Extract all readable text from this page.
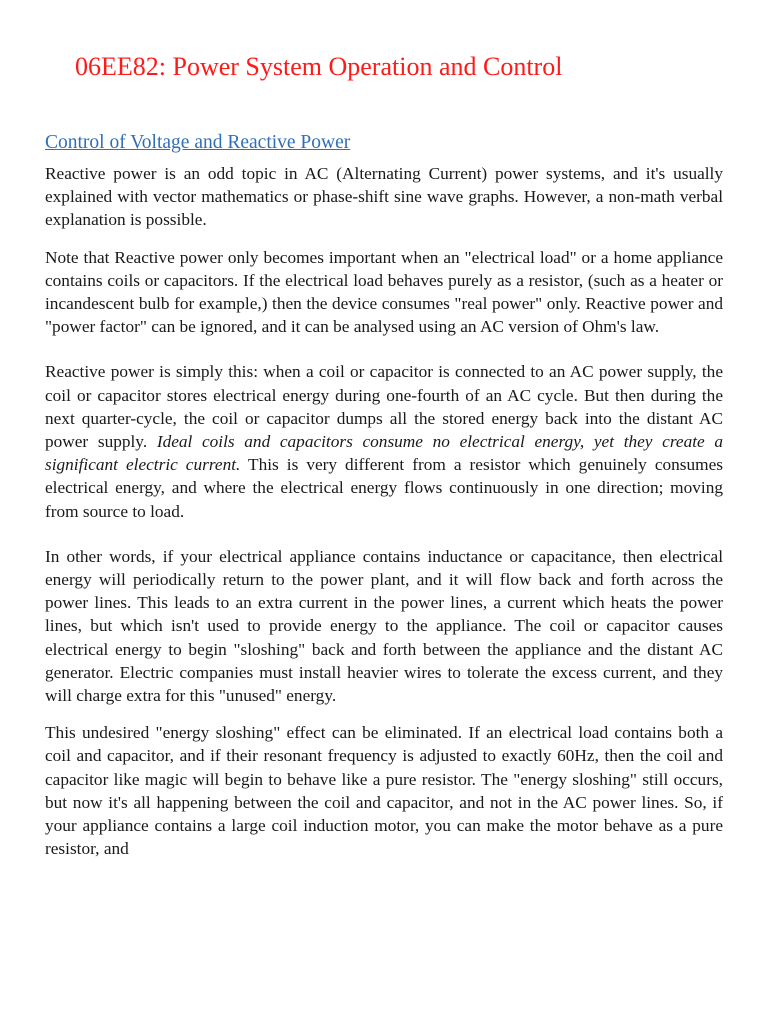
06EE82: Power System Operation and Control
Control of Voltage and Reactive Power

Reactive power is an odd topic in AC (Alternating Current) power systems, and it's usually explained with vector mathematics or phase-shift sine wave graphs. However, a non-math verbal explanation is possible.

Note that Reactive power only becomes important when an "electrical load" or a home appliance contains coils or capacitors. If the electrical load behaves purely as a resistor, (such as a heater or incandescent bulb for example,) then the device consumes "real power" only. Reactive power and "power factor" can be ignored, and it can be analysed using an AC version of Ohm's law.

Reactive power is simply this: when a coil or capacitor is connected to an AC power supply, the coil or capacitor stores electrical energy during one-fourth of an AC cycle. But then during the next quarter-cycle, the coil or capacitor dumps all the stored energy back into the distant AC power supply. Ideal coils and capacitors consume no electrical energy, yet they create a significant electric current. This is very different from a resistor which genuinely consumes electrical energy, and where the electrical energy flows continuously in one direction; moving from source to load.

In other words, if your electrical appliance contains inductance or capacitance, then electrical energy will periodically return to the power plant, and it will flow back and forth across the power lines. This leads to an extra current in the power lines, a current which heats the power lines, but which isn't used to provide energy to the appliance. The coil or capacitor causes electrical energy to begin "sloshing" back and forth between the appliance and the distant AC generator. Electric companies must install heavier wires to tolerate the excess current, and they will charge extra for this "unused" energy.

This undesired "energy sloshing" effect can be eliminated. If an electrical load contains both a coil and capacitor, and if their resonant frequency is adjusted to exactly 60Hz, then the coil and capacitor like magic will begin to behave like a pure resistor. The "energy sloshing" still occurs, but now it's all happening between the coil and capacitor, and not in the AC power lines. So, if your appliance contains a large coil induction motor, you can make the motor behave as a pure resistor, and
